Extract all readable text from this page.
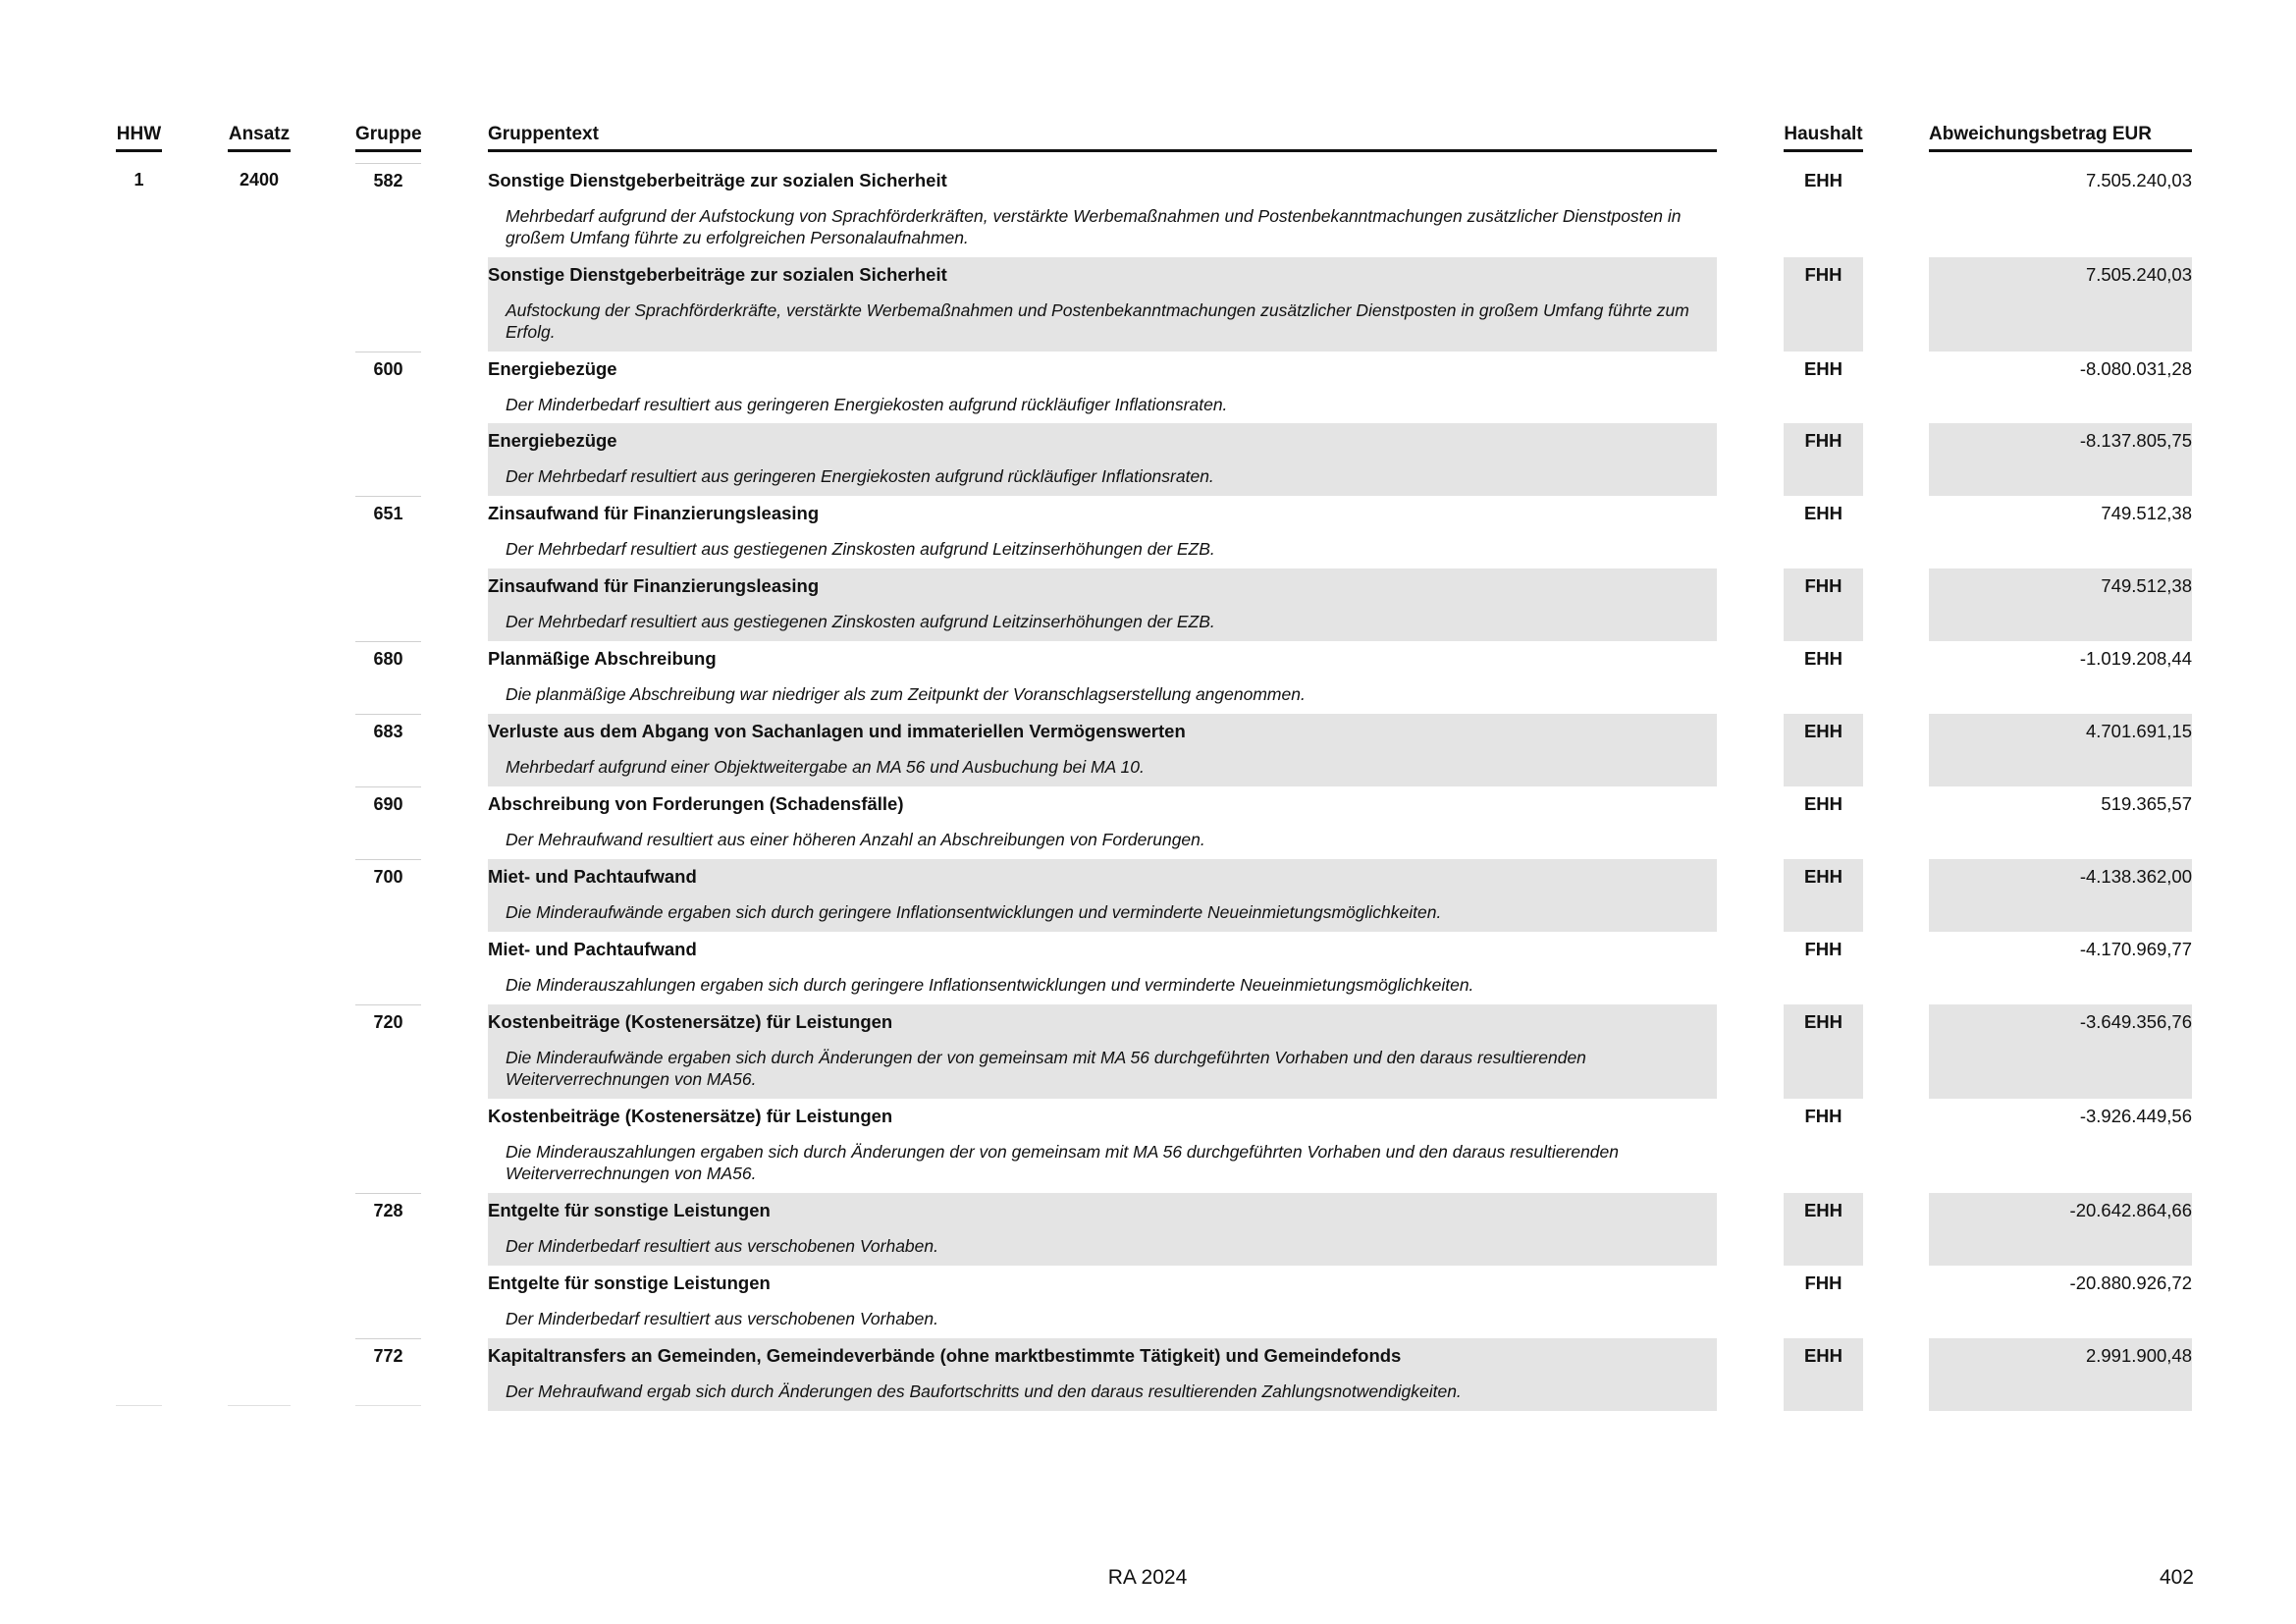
HHW	Ansatz	Gruppe	Gruppentext	Haushalt	Abweichungsbetrag EUR
1	2400	582	Sonstige Dienstgeberbeiträge zur sozialen Sicherheit
Mehrbedarf aufgrund der Aufstockung von Sprachförderkräften, verstärkte Werbemaßnahmen und Postenbekanntmachungen zusätzlicher Dienstposten in großem Umfang führte zu erfolgreichen Personalaufnahmen.
EHH	7.505.240,03
Sonstige Dienstgeberbeiträge zur sozialen Sicherheit
Aufstockung der Sprachförderkräfte, verstärkte Werbemaßnahmen und Postenbekanntmachungen zusätzlicher Dienstposten in großem Umfang führte zum Erfolg.
FHH	7.505.240,03
600	Energiebezüge
Der Minderbedarf resultiert aus geringeren Energiekosten aufgrund rückläufiger Inflationsraten.
EHH	-8.080.031,28
Energiebezüge
Der Mehrbedarf resultiert aus geringeren Energiekosten aufgrund rückläufiger Inflationsraten.
FHH	-8.137.805,75
651	Zinsaufwand für Finanzierungsleasing
Der Mehrbedarf resultiert aus gestiegenen Zinskosten aufgrund Leitzinserhöhungen der EZB.
EHH	749.512,38
Zinsaufwand für Finanzierungsleasing
Der Mehrbedarf resultiert aus gestiegenen Zinskosten aufgrund Leitzinserhöhungen der EZB.
FHH	749.512,38
680	Planmäßige Abschreibung
Die planmäßige Abschreibung war niedriger als zum Zeitpunkt der Voranschlagserstellung angenommen.
EHH	-1.019.208,44
683	Verluste aus dem Abgang von Sachanlagen und immateriellen Vermögenswerten
Mehrbedarf aufgrund einer Objektweitergabe an MA 56 und Ausbuchung bei MA 10.
EHH	4.701.691,15
690	Abschreibung von Forderungen (Schadensfälle)
Der Mehraufwand resultiert aus einer höheren Anzahl an Abschreibungen von Forderungen.
EHH	519.365,57
700	Miet- und Pachtaufwand
Die Minderaufwände ergaben sich durch geringere Inflationsentwicklungen und verminderte Neueinmietungsmöglichkeiten.
EHH	-4.138.362,00
Miet- und Pachtaufwand
Die Minderauszahlungen ergaben sich durch geringere Inflationsentwicklungen und verminderte Neueinmietungsmöglichkeiten.
FHH	-4.170.969,77
720	Kostenbeiträge (Kostenersätze) für Leistungen
Die Minderaufwände ergaben sich durch Änderungen der von gemeinsam mit MA 56 durchgeführten Vorhaben und den daraus resultierenden Weiterverrechnungen von MA56.
EHH	-3.649.356,76
Kostenbeiträge (Kostenersätze) für Leistungen
Die Minderauszahlungen ergaben sich durch Änderungen der von gemeinsam mit MA 56 durchgeführten Vorhaben und den daraus resultierenden Weiterverrechnungen von MA56.
FHH	-3.926.449,56
728	Entgelte für sonstige Leistungen
Der Minderbedarf resultiert aus verschobenen Vorhaben.
EHH	-20.642.864,66
Entgelte für sonstige Leistungen
Der Minderbedarf resultiert aus verschobenen Vorhaben.
FHH	-20.880.926,72
772	Kapitaltransfers an Gemeinden, Gemeindeverbände (ohne marktbestimmte Tätigkeit) und Gemeindefonds
Der Mehraufwand ergab sich durch Änderungen des Baufortschritts und den daraus resultierenden Zahlungsnotwendigkeiten.
EHH	2.991.900,48
RA 2024	402
